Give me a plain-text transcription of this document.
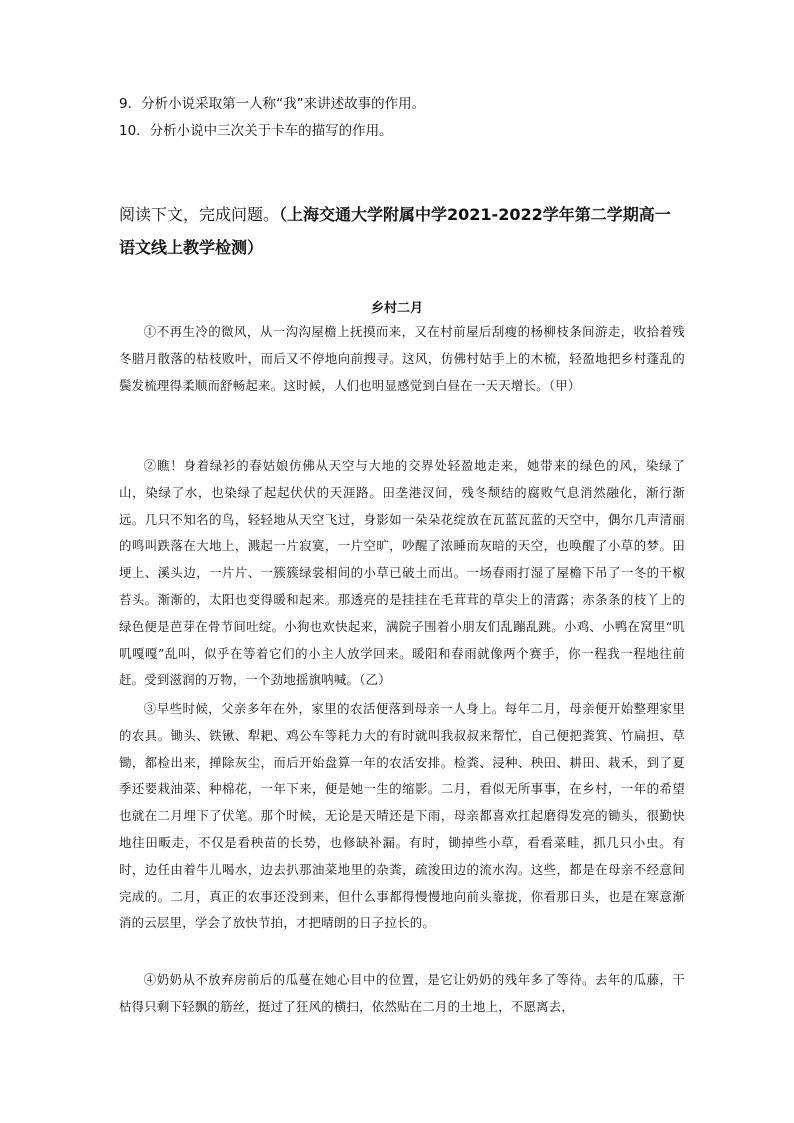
9．分析小说采取第一人称“我”来讲述故事的作用。
10．分析小说中三次关于卡车的描写的作用。
阅读下文，完成问题。（上海交通大学附属中学2021-2022学年第二学期高一语文线上教学检测）
乡村二月
①不再生冷的微风，从一沟沟屋檐上抚摸而来，又在村前屋后刮瘦的杨柳枝条间游走，收拾着残冬腊月散落的枯枝败叶，而后又不停地向前搜寻。这风，仿佛村姑手上的木梳，轻盈地把乡村蓬乱的鬓发梳理得柔顺而舒畅起来。这时候，人们也明显感觉到白昼在一天天增长。（甲）
②瞧！身着绿衫的春姑娘仿佛从天空与大地的交界处轻盈地走来，她带来的绿色的风，染绿了山，染绿了水，也染绿了起起伏伏的天涯路。田垄港汊间，残冬颓结的腐败气息消然融化，渐行渐远。几只不知名的鸟，轻轻地从天空飞过，身影如一朵朵花绽放在瓦蓝瓦蓝的天空中，偶尔几声清丽的鸣叫跌落在大地上，溅起一片寂寞，一片空旷，吵醒了浓睡而灰暗的天空，也唤醒了小草的梦。田埂上、溪头边，一片片、一簇簇绿裳相间的小草已破土而出。一场春雨打湿了屋檐下吊了一冬的干椒苔头。渐渐的，太阳也变得暖和起来。那透亮的是挂挂在毛茸茸的草尖上的清露；赤条条的枝丫上的绿色便是芭芽在骨节间吐绽。小狗也欢快起来，满院子围着小朋友们乱蹦乱跳。小鸡、小鸭在窝里“叽叽嘎嘎”乱叫，似乎在等着它们的小主人放学回来。暖阳和春雨就像两个赛手，你一程我一程地往前赶。受到滋润的万物，一个劲地摇旗呐喊。（乙）
③早些时候，父亲多年在外，家里的农活便落到母亲一人身上。每年二月，母亲便开始整理家里的农具。锄头、铁锹、犁耙、鸡公车等耗力大的有时就叫我叔叔来帮忙，自己便把粪箕、竹扁担、草锄，都检出来，掸除灰尘，而后开始盘算一年的农活安排。检粪、浸种、秧田、耕田、栽禾，到了夏季还要栽油菜、种棉花，一年下来，便是她一生的缩影。二月，看似无所事事，在乡村，一年的希望也就在二月埋下了伏笔。那个时候，无论是天晴还是下雨，母亲都喜欢扛起磨得发亮的锄头，很勤快地往田畈走，不仅是看秧苗的长势，也修缺补漏。有时，锄掉些小草，看看菜畦，抓几只小虫。有时，边任由着牛儿喝水，边去扒那油菜地里的杂粪，疏浚田边的流水沟。这些，都是在母亲不经意间完成的。二月，真正的农事还没到来，但什么事都得慢慢地向前头靠拢，你看那日头，也是在寒意渐消的云层里，学会了放快节拍，才把晴朗的日子拉长的。
④奶奶从不放弃房前后的瓜蔓在她心目中的位置，是它让奶奶的残年多了等待。去年的瓜藤，干枯得只剩下轻飘的筋丝，挺过了狂风的横扫，依然贴在二月的土地上，不愿离去，
